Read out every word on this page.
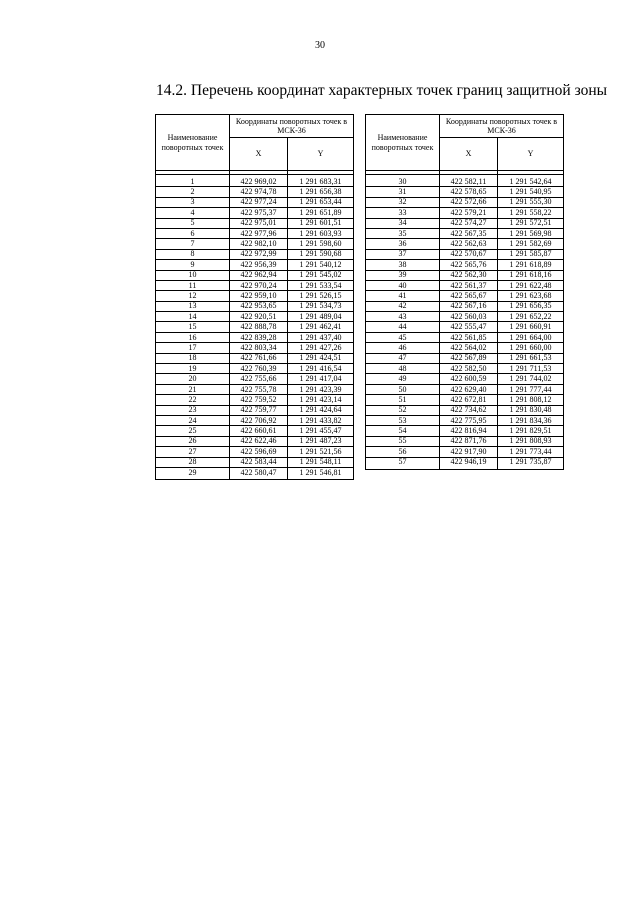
30
14.2. Перечень координат характерных точек границ защитной зоны
Наименование поворотных точек	Координаты поворотных точек в МСК-36	
	X	Y

1	422 969,02	1 291 683,31
2	422 974,78	1 291 656,38
3	422 977,24	1 291 653,44
4	422 975,37	1 291 651,89
5	422 975,01	1 291 601,51
6	422 977,96	1 291 603,93
7	422 982,10	1 291 598,60
8	422 972,99	1 291 590,68
9	422 956,39	1 291 540,12
10	422 962,94	1 291 545,02
11	422 970,24	1 291 533,54
12	422 959,10	1 291 526,15
13	422 953,65	1 291 534,73
14	422 920,51	1 291 489,04
15	422 888,78	1 291 462,41
16	422 839,28	1 291 437,40
17	422 803,34	1 291 427,26
18	422 761,66	1 291 424,51
19	422 760,39	1 291 416,54
20	422 755,66	1 291 417,04
21	422 755,78	1 291 423,39
22	422 759,52	1 291 423,14
23	422 759,77	1 291 424,64
24	422 706,92	1 291 433,82
25	422 660,61	1 291 455,47
26	422 622,46	1 291 487,23
27	422 596,69	1 291 521,56
28	422 583,44	1 291 548,11
29	422 580,47	1 291 546,81
Наименование поворотных точек	Координаты поворотных точек в МСК-36	
	X	Y

30	422 582,11	1 291 542,64
31	422 578,65	1 291 540,95
32	422 572,66	1 291 555,30
33	422 579,21	1 291 558,22
34	422 574,27	1 291 572,51
35	422 567,35	1 291 569,98
36	422 562,63	1 291 582,69
37	422 570,67	1 291 585,87
38	422 565,76	1 291 618,89
39	422 562,30	1 291 618,16
40	422 561,37	1 291 622,48
41	422 565,67	1 291 623,68
42	422 567,16	1 291 656,35
43	422 560,03	1 291 652,22
44	422 555,47	1 291 660,91
45	422 561,85	1 291 664,00
46	422 564,02	1 291 660,00
47	422 567,89	1 291 661,53
48	422 582,50	1 291 711,53
49	422 600,59	1 291 744,02
50	422 629,40	1 291 777,44
51	422 672,81	1 291 808,12
52	422 734,62	1 291 830,48
53	422 775,95	1 291 834,36
54	422 816,94	1 291 829,51
55	422 871,76	1 291 808,93
56	422 917,90	1 291 773,44
57	422 946,19	1 291 735,87
